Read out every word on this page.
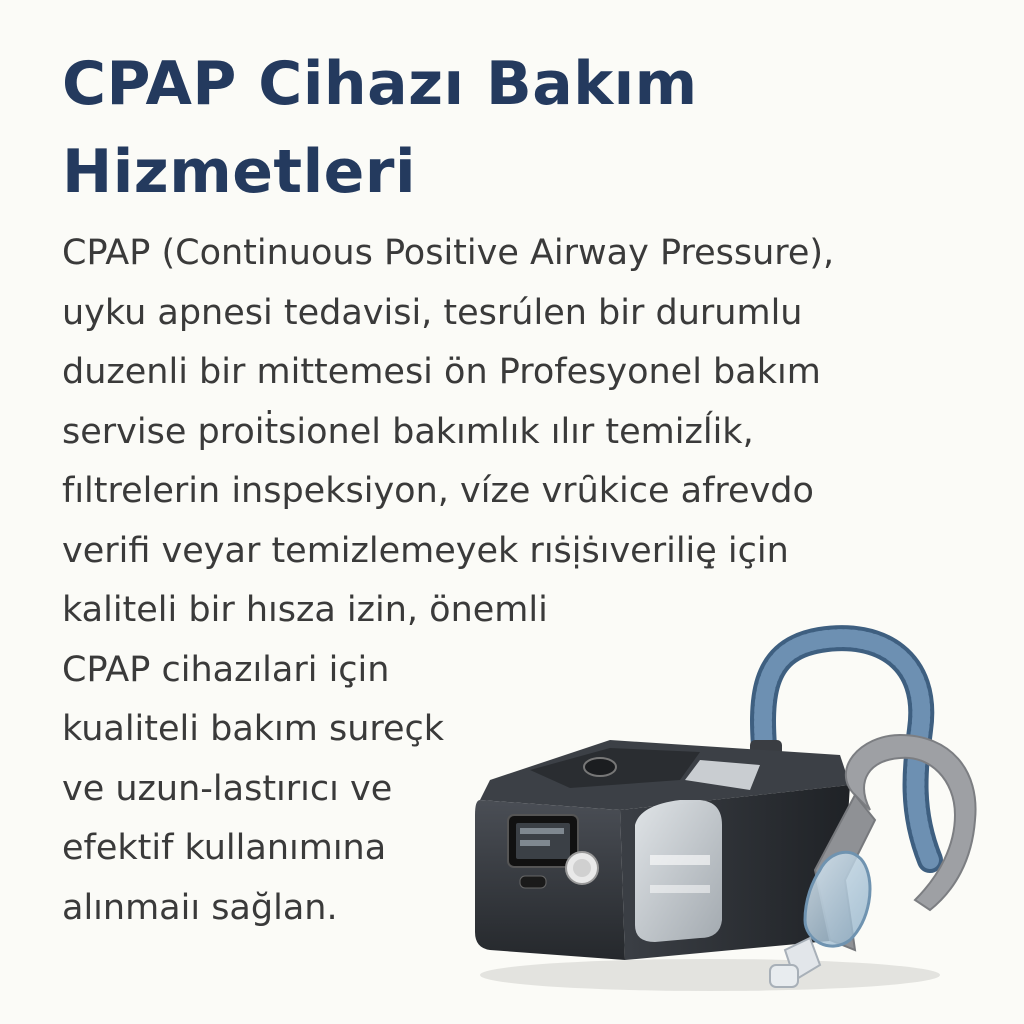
CPAP Cihazı Bakım
Hizmetleri
CPAP (Continuous Positive Airway Pressure),
uyku apnesi tedavisi, tesrúlen bir durumlu
duzenli bir mittemesi ön Profesyonel bakım
servise proiṫsionel bakımlık ılır temizĺik,
fıltrelerin inspeksiyon, víze vrȗkice afrevdo
verifi veyar temizlemeyek rıṡịṡıverilię̧ için
kaliteli bir hısza izin, önemli
CPAP cihazılari iç̧in
kualiteli bakım sureçk
ve uzun-lastırıcı ve
efektif kullanımına
alınmaı̇ı sağlan.
